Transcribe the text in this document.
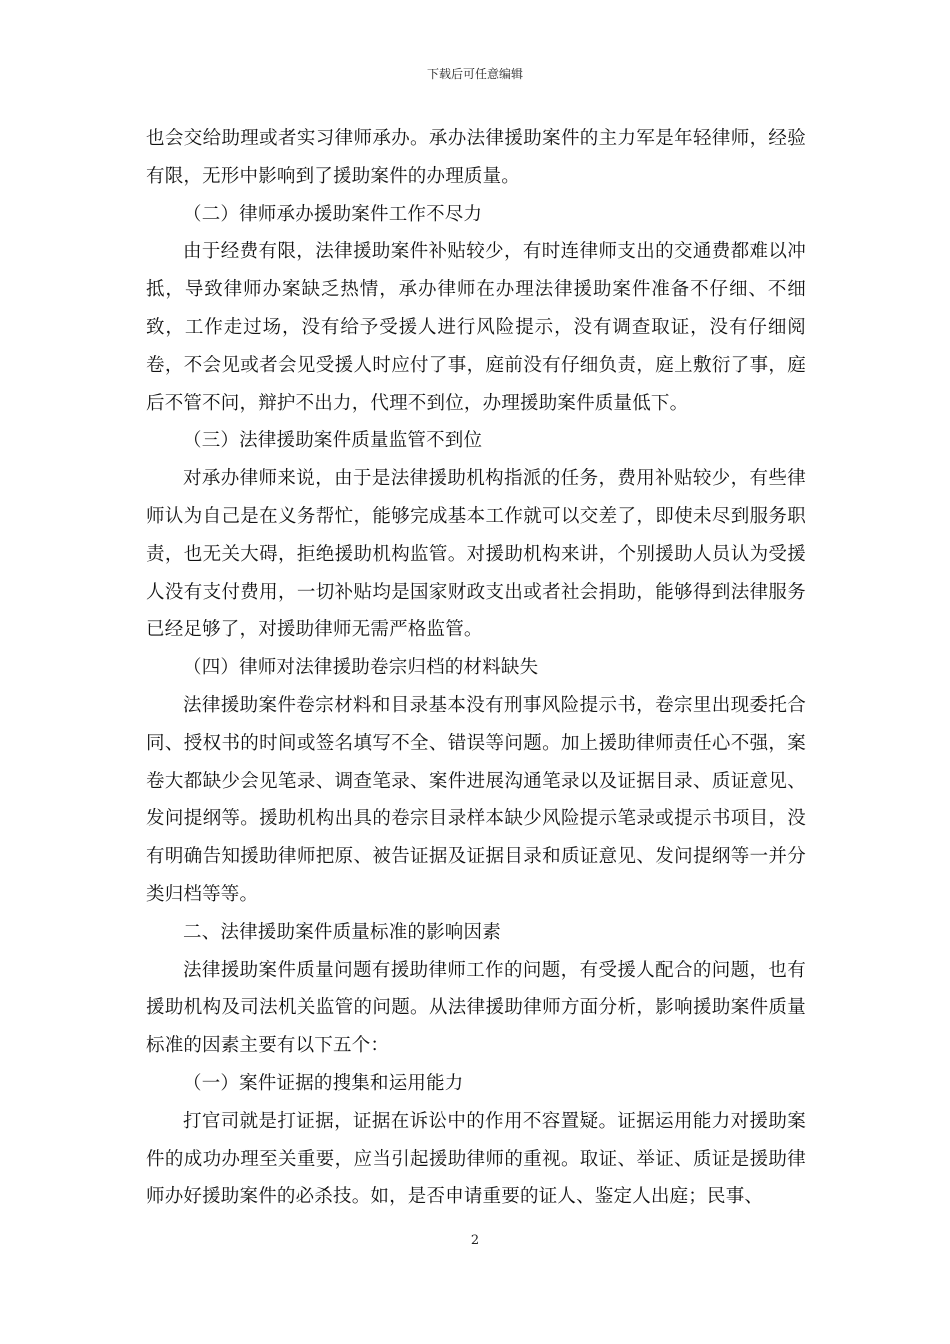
下载后可任意编辑

也会交给助理或者实习律师承办。承办法律援助案件的主力军是年轻律师，经验有限，无形中影响到了援助案件的办理质量。

（二）律师承办援助案件工作不尽力

由于经费有限，法律援助案件补贴较少，有时连律师支出的交通费都难以冲抵，导致律师办案缺乏热情，承办律师在办理法律援助案件准备不仔细、不细致，工作走过场，没有给予受援人进行风险提示，没有调查取证，没有仔细阅卷，不会见或者会见受援人时应付了事，庭前没有仔细负责，庭上敷衍了事，庭后不管不问，辩护不出力，代理不到位，办理援助案件质量低下。

（三）法律援助案件质量监管不到位

对承办律师来说，由于是法律援助机构指派的任务，费用补贴较少，有些律师认为自己是在义务帮忙，能够完成基本工作就可以交差了，即使未尽到服务职责，也无关大碍，拒绝援助机构监管。对援助机构来讲，个别援助人员认为受援人没有支付费用，一切补贴均是国家财政支出或者社会捐助，能够得到法律服务已经足够了，对援助律师无需严格监管。

（四）律师对法律援助卷宗归档的材料缺失

法律援助案件卷宗材料和目录基本没有刑事风险提示书，卷宗里出现委托合同、授权书的时间或签名填写不全、错误等问题。加上援助律师责任心不强，案卷大都缺少会见笔录、调查笔录、案件进展沟通笔录以及证据目录、质证意见、发问提纲等。援助机构出具的卷宗目录样本缺少风险提示笔录或提示书项目，没有明确告知援助律师把原、被告证据及证据目录和质证意见、发问提纲等一并分类归档等等。

二、法律援助案件质量标准的影响因素

法律援助案件质量问题有援助律师工作的问题，有受援人配合的问题，也有援助机构及司法机关监管的问题。从法律援助律师方面分析，影响援助案件质量标准的因素主要有以下五个：

（一）案件证据的搜集和运用能力

打官司就是打证据，证据在诉讼中的作用不容置疑。证据运用能力对援助案件的成功办理至关重要，应当引起援助律师的重视。取证、举证、质证是援助律师办好援助案件的必杀技。如，是否申请重要的证人、鉴定人出庭；民事、

2
